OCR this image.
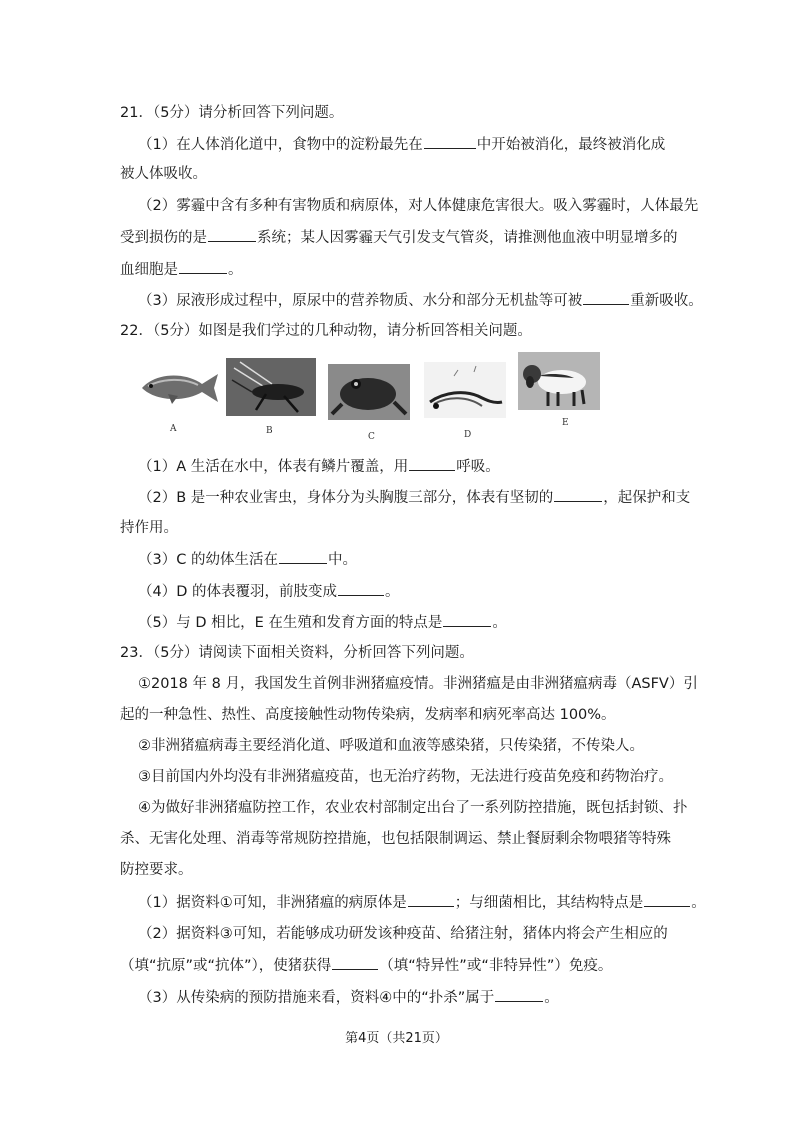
21．（5分）请分析回答下列问题。
（1）在人体消化道中，食物中的淀粉最先在	中开始被消化，最终被消化成
被人体吸收。
（2）雾霾中含有多种有害物质和病原体，对人体健康危害很大。吸入雾霾时，人体最先
受到损伤的是	系统；某人因雾霾天气引发支气管炎，请推测他血液中明显增多的
血细胞是	。
（3）尿液形成过程中，原尿中的营养物质、水分和部分无机盐等可被	重新吸收。
22．（5分）如图是我们学过的几种动物，请分析回答相关问题。
A	B
C	D
E
（1）A 生活在水中，体表有鳞片覆盖，用	呼吸。
（2）B 是一种农业害虫，身体分为头胸腹三部分，体表有坚韧的	，起保护和支
持作用。
（3）C 的幼体生活在	中。
（4）D 的体表覆羽，前肢变成	。
（5）与 D 相比，E 在生殖和发育方面的特点是	。
23．（5分）请阅读下面相关资料，分析回答下列问题。
①2018 年 8 月，我国发生首例非洲猪瘟疫情。非洲猪瘟是由非洲猪瘟病毒（ASFV）引
起的一种急性、热性、高度接触性动物传染病，发病率和病死率高达 100%。
②非洲猪瘟病毒主要经消化道、呼吸道和血液等感染猪，只传染猪，不传染人。
③目前国内外均没有非洲猪瘟疫苗，也无治疗药物，无法进行疫苗免疫和药物治疗。
④为做好非洲猪瘟防控工作，农业农村部制定出台了一系列防控措施，既包括封锁、扑
杀、无害化处理、消毒等常规防控措施，也包括限制调运、禁止餐厨剩余物喂猪等特殊
防控要求。
（1）据资料①可知，非洲猪瘟的病原体是	；与细菌相比，其结构特点是	。
（2）据资料③可知，若能够成功研发该种疫苗、给猪注射，猪体内将会产生相应的
（填“抗原”或“抗体”），使猪获得	（填“特异性”或“非特异性”）免疫。
（3）从传染病的预防措施来看，资料④中的“扑杀”属于	。
第4页（共21页）
